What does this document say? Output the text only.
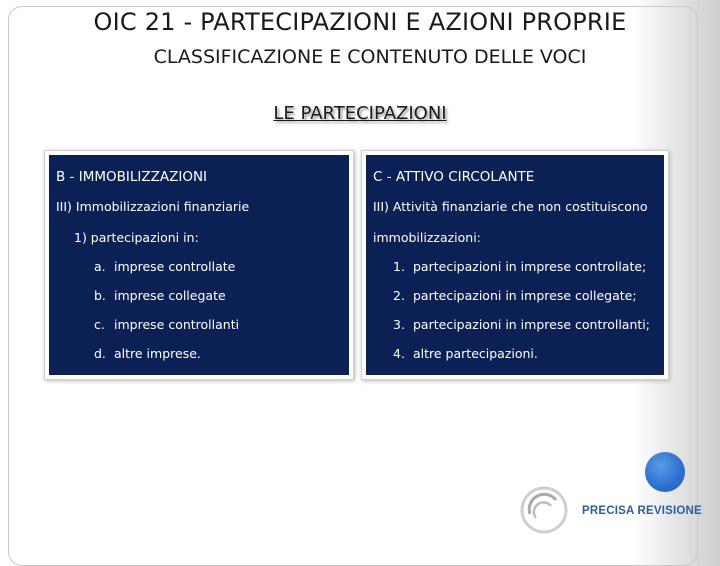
OIC 21 - PARTECIPAZIONI E AZIONI PROPRIE
CLASSIFICAZIONE E CONTENUTO DELLE VOCI
LE PARTECIPAZIONI
B - IMMOBILIZZAZIONI
III) Immobilizzazioni finanziarie
1) partecipazioni in:
a. imprese controllate
b. imprese collegate
c. imprese controllanti
d. altre imprese.
C - ATTIVO CIRCOLANTE
III) Attività finanziarie che non costituiscono
immobilizzazioni:
1. partecipazioni in imprese controllate;
2. partecipazioni in imprese collegate;
3. partecipazioni in imprese controllanti;
4. altre partecipazioni.
PRECISA REVISIONE
